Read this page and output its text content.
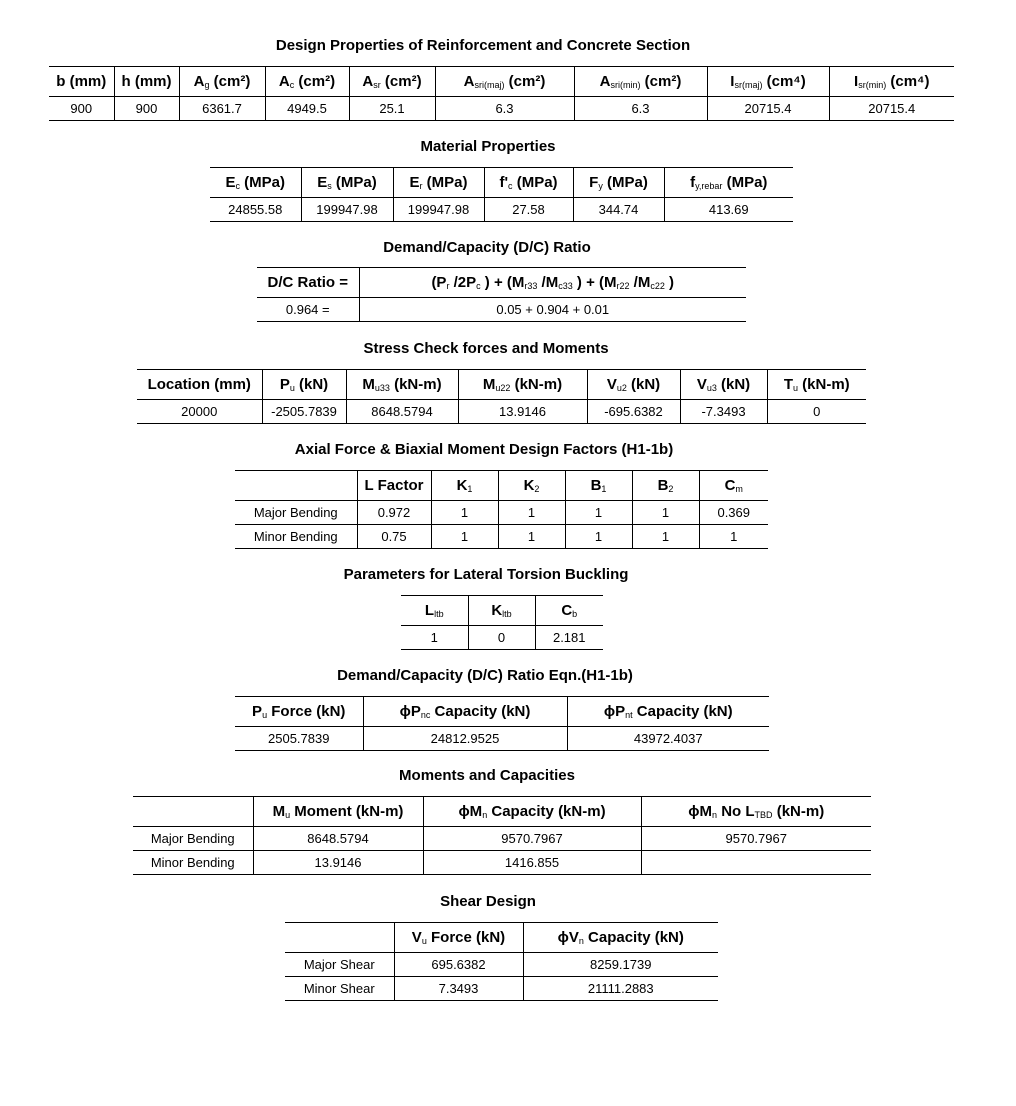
Design Properties of Reinforcement and Concrete Section
b (mm)	h (mm)	$A_g$ (cm²)	$A_c$ (cm²)	$A_{sr}$ (cm²)	$A_{sri(maj)}$ (cm²)	$A_{sri(min)}$ (cm²)	$I_{sr(maj)}$ (cm⁴)	$I_{sr(min)}$ (cm⁴)
900	900	6361.7	4949.5	25.1	6.3	6.3	20715.4	20715.4
Material Properties
$E_c$ (MPa)	$E_s$ (MPa)	$E_r$ (MPa)	$f'_c$ (MPa)	$F_y$ (MPa)	$f_{y,rebar}$ (MPa)
24855.58	199947.98	199947.98	27.58	344.74	413.69
Demand/Capacity (D/C) Ratio
D/C Ratio =	($P_r$ $/2P_c$ ) + ($M_{r33}$ $/M_{c33}$ ) + ($M_{r22}$ $/M_{c22}$ )
0.964 =	0.05 + 0.904 + 0.01
Stress Check forces and Moments
Location (mm)	$P_u$ (kN)	$M_{u33}$ (kN-m)	$M_{u22}$ (kN-m)	$V_{u2}$ (kN)	$V_{u3}$ (kN)	$T_u$ (kN-m)
20000	-2505.7839	8648.5794	13.9146	-695.6382	-7.3493	0
Axial Force & Biaxial Moment Design Factors (H1-1b)
	L Factor	$K_1$	$K_2$	$B_1$	$B_2$	$C_m$
Major Bending	0.972	1	1	1	1	0.369
Minor Bending	0.75	1	1	1	1	1
Parameters for Lateral Torsion Buckling
$L_{ltb}$	$K_{ltb}$	$C_b$
1	0	2.181
Demand/Capacity (D/C) Ratio Eqn.(H1-1b)
$P_u$ Force (kN)	$\phi P_{nc}$ Capacity (kN)	$\phi P_{nt}$ Capacity (kN)
2505.7839	24812.9525	43972.4037
Moments and Capacities
	$M_u$ Moment (kN-m)	$\phi M_n$ Capacity (kN-m)	$\phi M_n$ No $L_{TBD}$ (kN-m)
Major Bending	8648.5794	9570.7967	9570.7967
Minor Bending	13.9146	1416.855	
Shear Design
	$V_u$ Force (kN)	$\phi V_n$ Capacity (kN)
Major Shear	695.6382	8259.1739
Minor Shear	7.3493	21111.2883
